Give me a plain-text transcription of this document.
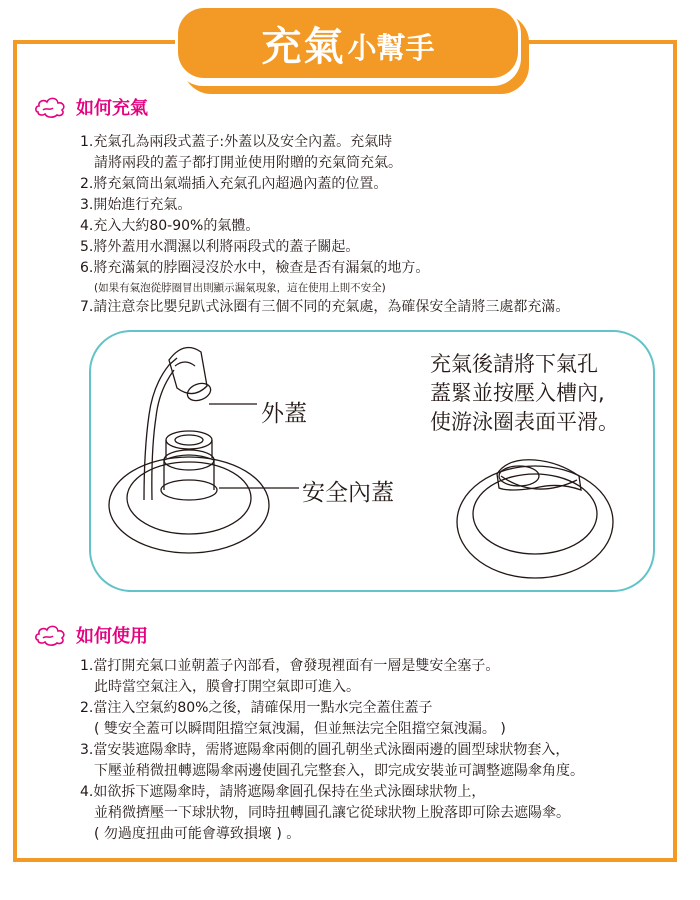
充氣 小幫手
如何充氣
1.充氣孔為兩段式蓋子:外蓋以及安全內蓋。充氣時
請將兩段的蓋子都打開並使用附贈的充氣筒充氣。
2.將充氣筒出氣端插入充氣孔內超過內蓋的位置。
3.開始進行充氣。
4.充入大約80-90%的氣體。
5.將外蓋用水潤濕以利將兩段式的蓋子關起。
6.將充滿氣的脖圈浸沒於水中，檢查是否有漏氣的地方。
(如果有氣泡從脖圈冒出則顯示漏氣現象，這在使用上則不安全)
7.請注意奈比嬰兒趴式泳圈有三個不同的充氣處，為確保安全請將三處都充滿。
外蓋
安全內蓋
充氣後請將下氣孔
蓋緊並按壓入槽內,
使游泳圈表面平滑。
如何使用
1.當打開充氣口並朝蓋子內部看，會發現裡面有一層是雙安全塞子。
此時當空氣注入，膜會打開空氣即可進入。
2.當注入空氣約80%之後，請確保用一點水完全蓋住蓋子
( 雙安全蓋可以瞬間阻擋空氣洩漏，但並無法完全阻擋空氣洩漏。 )
3.當安裝遮陽傘時，需將遮陽傘兩側的圓孔朝坐式泳圈兩邊的圓型球狀物套入，
下壓並稍微扭轉遮陽傘兩邊使圓孔完整套入，即完成安裝並可調整遮陽傘角度。
4.如欲拆下遮陽傘時，請將遮陽傘圓孔保持在坐式泳圈球狀物上，
並稍微擠壓一下球狀物，同時扭轉圓孔讓它從球狀物上脫落即可除去遮陽傘。
( 勿過度扭曲可能會導致損壞 ) 。
